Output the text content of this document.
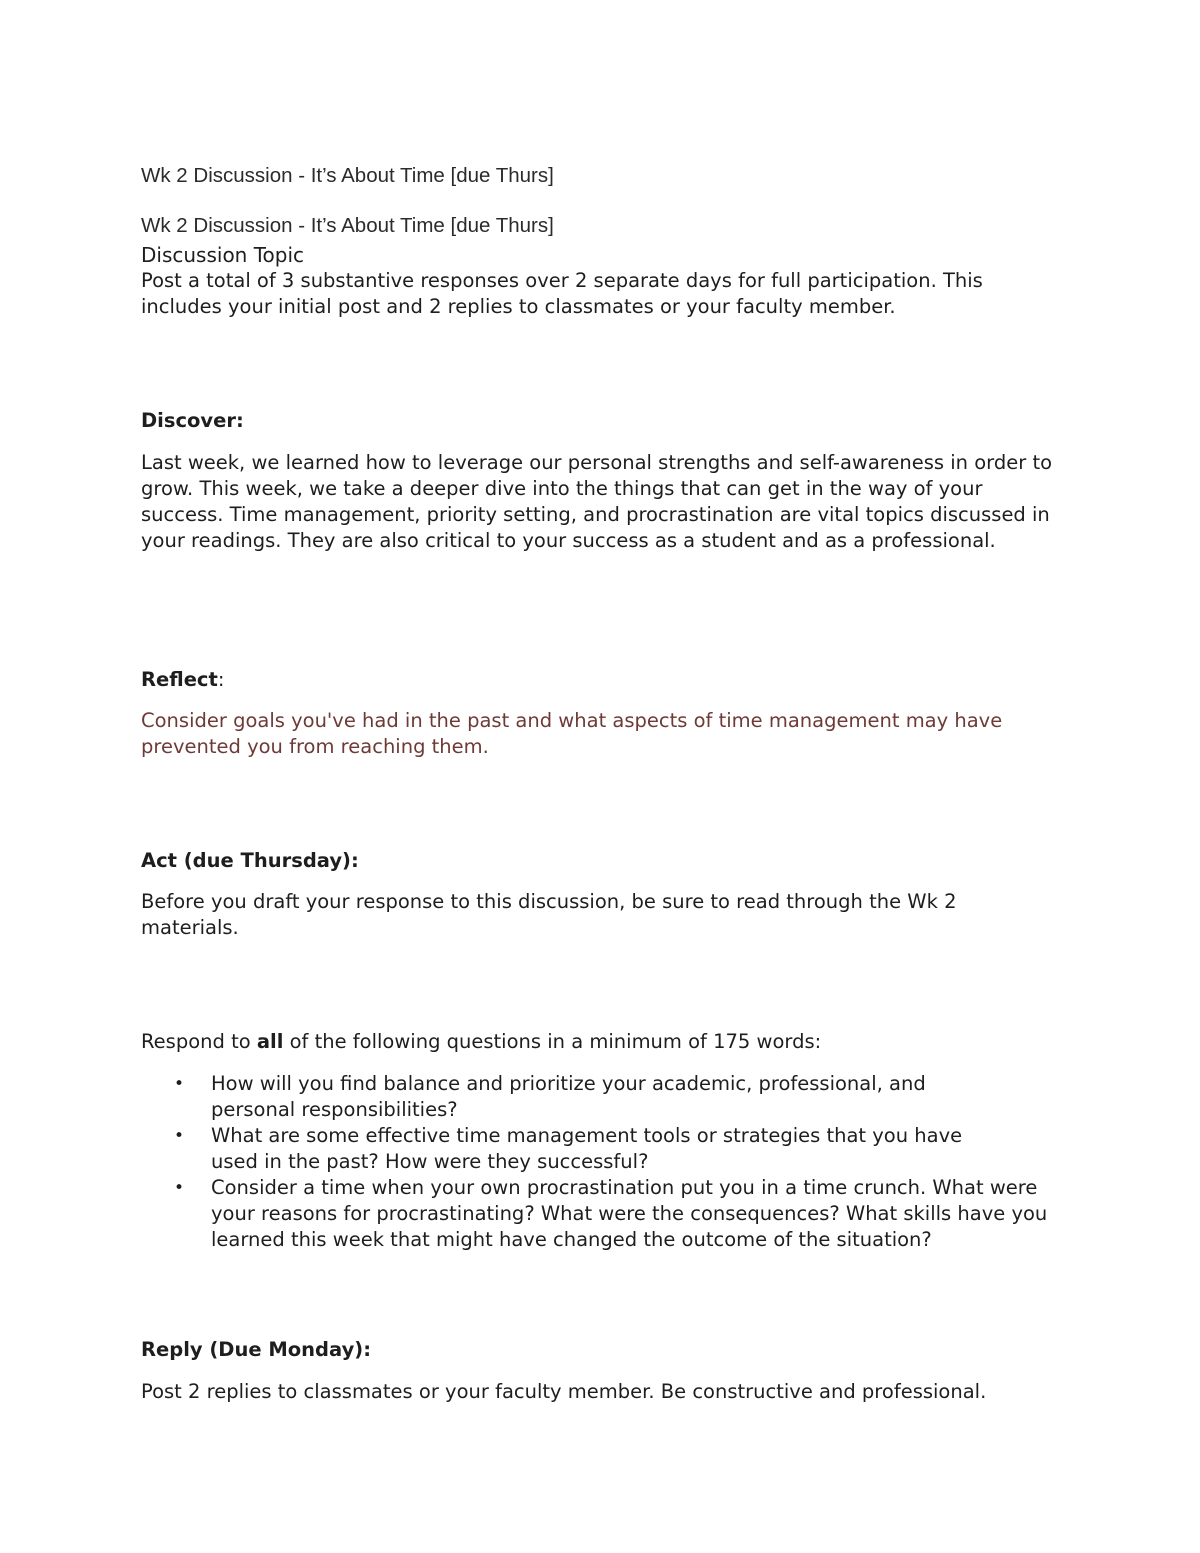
Wk 2 Discussion - It’s About Time [due Thurs]

Wk 2 Discussion - It’s About Time [due Thurs]

Discussion Topic

Post a total of 3 substantive responses over 2 separate days for full participation. This includes your initial post and 2 replies to classmates or your faculty member.

Discover:

Last week, we learned how to leverage our personal strengths and self-awareness in order to grow. This week, we take a deeper dive into the things that can get in the way of your success. Time management, priority setting, and procrastination are vital topics discussed in your readings. They are also critical to your success as a student and as a professional.

Reflect:

Consider goals you've had in the past and what aspects of time management may have prevented you from reaching them.

Act (due Thursday):

Before you draft your response to this discussion, be sure to read through the Wk 2 materials.

Respond to all of the following questions in a minimum of 175 words:

• How will you find balance and prioritize your academic, professional, and personal responsibilities?
• What are some effective time management tools or strategies that you have used in the past? How were they successful?
• Consider a time when your own procrastination put you in a time crunch. What were your reasons for procrastinating? What were the consequences? What skills have you learned this week that might have changed the outcome of the situation?

Reply (Due Monday):

Post 2 replies to classmates or your faculty member. Be constructive and professional.
